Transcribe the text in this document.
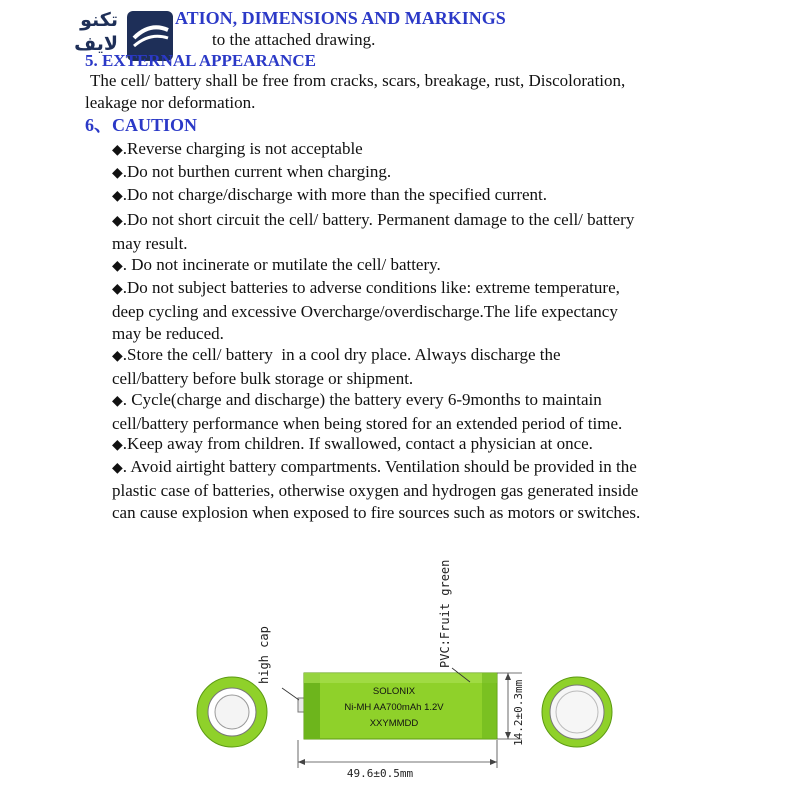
تكنو
لايف
ATION, DIMENSIONS AND MARKINGS
to the attached drawing.
5. EXTERNAL APPEARANCE
The cell/ battery shall be free from cracks, scars, breakage, rust, Discoloration,
leakage nor deformation.
6、CAUTION
◆.Reverse charging is not acceptable
◆.Do not burthen current when charging.
◆.Do not charge/discharge with more than the specified current.
◆.Do not short circuit the cell/ battery. Permanent damage to the cell/ battery
may result.
◆. Do not incinerate or mutilate the cell/ battery.
◆.Do not subject batteries to adverse conditions like: extreme temperature,
deep cycling and excessive Overcharge/overdischarge.The life expectancy
may be reduced.
◆.Store the cell/ battery  in a cool dry place. Always discharge the
cell/battery before bulk storage or shipment.
◆. Cycle(charge and discharge) the battery every 6-9months to maintain
cell/battery performance when being stored for an extended period of time.
◆.Keep away from children. If swallowed, contact a physician at once.
◆. Avoid airtight battery compartments. Ventilation should be provided in the
plastic case of batteries, otherwise oxygen and hydrogen gas generated inside
can cause explosion when exposed to fire sources such as motors or switches.
SOLONIX
Ni-MH AA700mAh 1.2V
XXYMMDD
high cap	PVC:Fruit green
49.6±0.5mm
14.2±0.3mm
